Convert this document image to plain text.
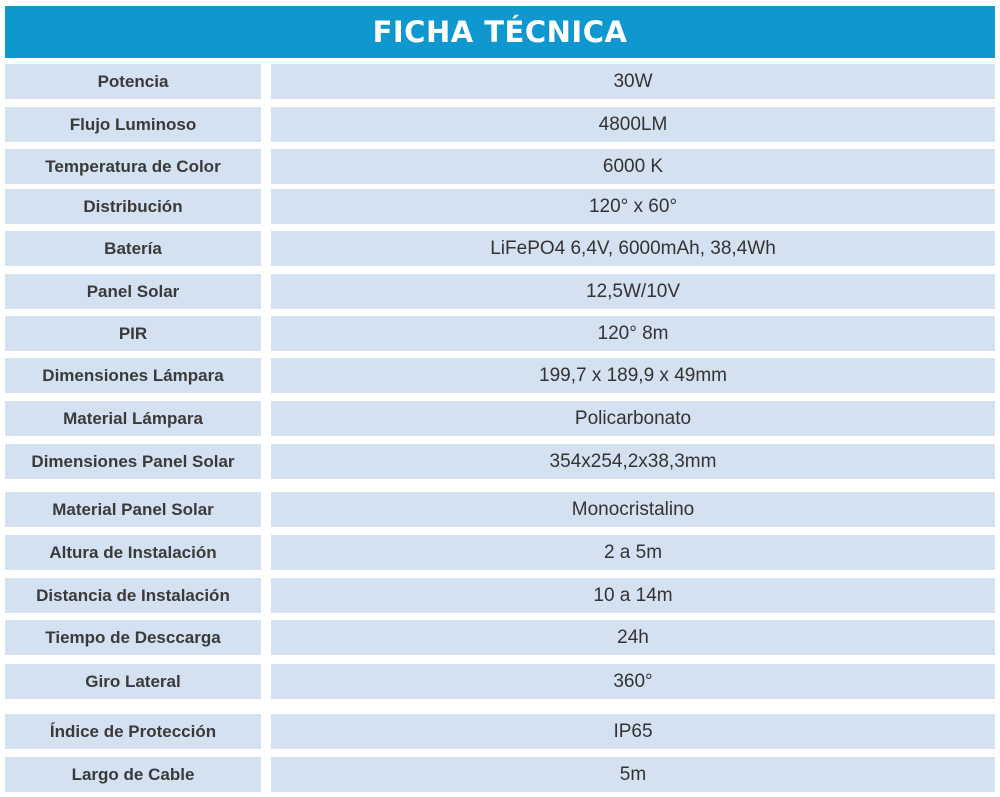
FICHA TÉCNICA
Potencia	30W
Flujo Luminoso	4800LM
Temperatura de Color	6000 K
Distribución	120° x 60°
Batería	LiFePO4 6,4V, 6000mAh, 38,4Wh
Panel Solar	12,5W/10V
PIR	120° 8m
Dimensiones Lámpara	199,7 x 189,9 x 49mm
Material Lámpara	Policarbonato
Dimensiones Panel Solar	354x254,2x38,3mm
Material Panel Solar	Monocristalino
Altura de Instalación	2 a 5m
Distancia de Instalación	10 a 14m
Tiempo de Desccarga	24h
Giro Lateral	360°
Índice de Protección	IP65
Largo de Cable	5m
